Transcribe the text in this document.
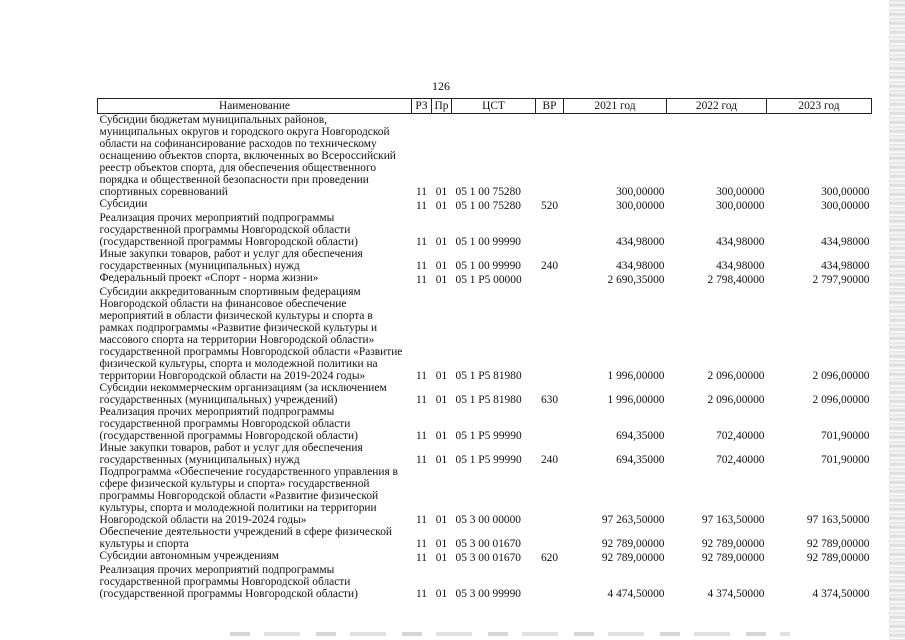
126
Наименование	РЗ	Пр	ЦСТ	ВР	2021 год	2022 год	2023 год
Субсидии бюджетам муниципальных районов, муниципальных округов и городского округа Новгородской области на софинансирование расходов по техническому оснащению объектов спорта, включенных во Всероссийский реестр объектов спорта, для обеспечения общественного порядка и общественной безопасности при проведении спортивных соревнований	11	01	05 1 00 75280		300,00000	300,00000	300,00000
Субсидии	11	01	05 1 00 75280	520	300,00000	300,00000	300,00000
Реализация прочих мероприятий подпрограммы государственной программы Новгородской области (государственной программы Новгородской области)	11	01	05 1 00 99990		434,98000	434,98000	434,98000
Иные закупки товаров, работ и услуг для обеспечения государственных (муниципальных) нужд	11	01	05 1 00 99990	240	434,98000	434,98000	434,98000
Федеральный проект «Спорт - норма жизни»	11	01	05 1 P5 00000		2 690,35000	2 798,40000	2 797,90000
Субсидии аккредитованным спортивным федерациям Новгородской области на финансовое обеспечение мероприятий в области физической культуры и спорта в рамках подпрограммы «Развитие физической культуры и массового спорта на территории Новгородской области» государственной программы Новгородской области «Развитие физической культуры, спорта и молодежной политики на территории Новгородской области на 2019-2024 годы»	11	01	05 1 P5 81980		1 996,00000	2 096,00000	2 096,00000
Субсидии некоммерческим организациям (за исключением государственных (муниципальных) учреждений)	11	01	05 1 P5 81980	630	1 996,00000	2 096,00000	2 096,00000
Реализация прочих мероприятий подпрограммы государственной программы Новгородской области (государственной программы Новгородской области)	11	01	05 1 P5 99990		694,35000	702,40000	701,90000
Иные закупки товаров, работ и услуг для обеспечения государственных (муниципальных) нужд	11	01	05 1 P5 99990	240	694,35000	702,40000	701,90000
Подпрограмма «Обеспечение государственного управления в сфере физической культуры и спорта» государственной программы Новгородской области «Развитие физической культуры, спорта и молодежной политики на территории Новгородской области на 2019-2024 годы»	11	01	05 3 00 00000		97 263,50000	97 163,50000	97 163,50000
Обеспечение деятельности учреждений в сфере физической культуры и спорта	11	01	05 3 00 01670		92 789,00000	92 789,00000	92 789,00000
Субсидии автономным учреждениям	11	01	05 3 00 01670	620	92 789,00000	92 789,00000	92 789,00000
Реализация прочих мероприятий подпрограммы государственной программы Новгородской области (государственной программы Новгородской области)	11	01	05 3 00 99990		4 474,50000	4 374,50000	4 374,50000
